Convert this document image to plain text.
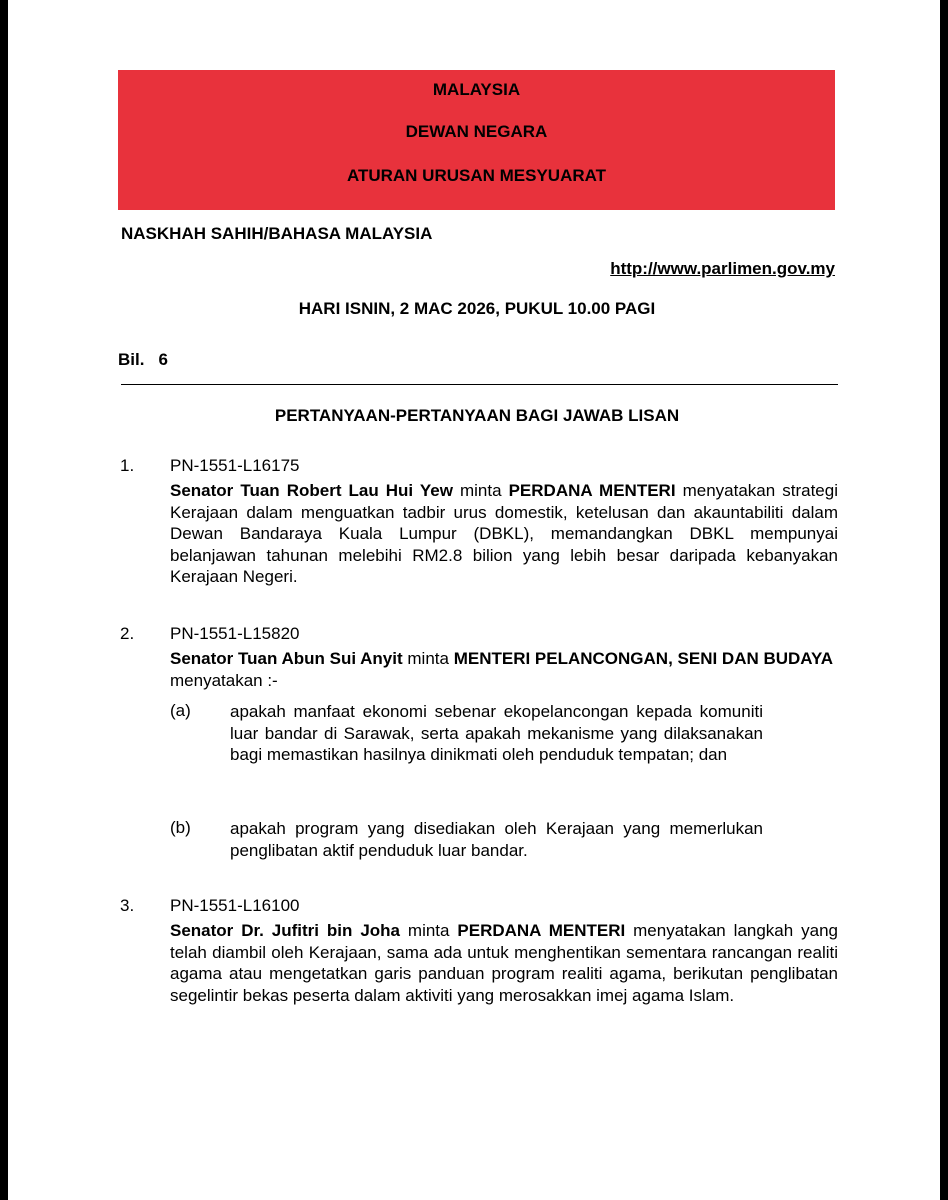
MALAYSIA
DEWAN NEGARA
ATURAN URUSAN MESYUARAT
NASKHAH SAHIH/BAHASA MALAYSIA
http://www.parlimen.gov.my
HARI ISNIN, 2 MAC 2026, PUKUL 10.00 PAGI
Bil. 6
PERTANYAAN-PERTANYAAN BAGI JAWAB LISAN
1. PN-1551-L16175
Senator Tuan Robert Lau Hui Yew minta PERDANA MENTERI menyatakan strategi Kerajaan dalam menguatkan tadbir urus domestik, ketelusan dan akauntabiliti dalam Dewan Bandaraya Kuala Lumpur (DBKL), memandangkan DBKL mempunyai belanjawan tahunan melebihi RM2.8 bilion yang lebih besar daripada kebanyakan Kerajaan Negeri.
2. PN-1551-L15820
Senator Tuan Abun Sui Anyit minta MENTERI PELANCONGAN, SENI DAN BUDAYA menyatakan :-
(a) apakah manfaat ekonomi sebenar ekopelancongan kepada komuniti luar bandar di Sarawak, serta apakah mekanisme yang dilaksanakan bagi memastikan hasilnya dinikmati oleh penduduk tempatan; dan
(b) apakah program yang disediakan oleh Kerajaan yang memerlukan penglibatan aktif penduduk luar bandar.
3. PN-1551-L16100
Senator Dr. Jufitri bin Joha minta PERDANA MENTERI menyatakan langkah yang telah diambil oleh Kerajaan, sama ada untuk menghentikan sementara rancangan realiti agama atau mengetatkan garis panduan program realiti agama, berikutan penglibatan segelintir bekas peserta dalam aktiviti yang merosakkan imej agama Islam.
